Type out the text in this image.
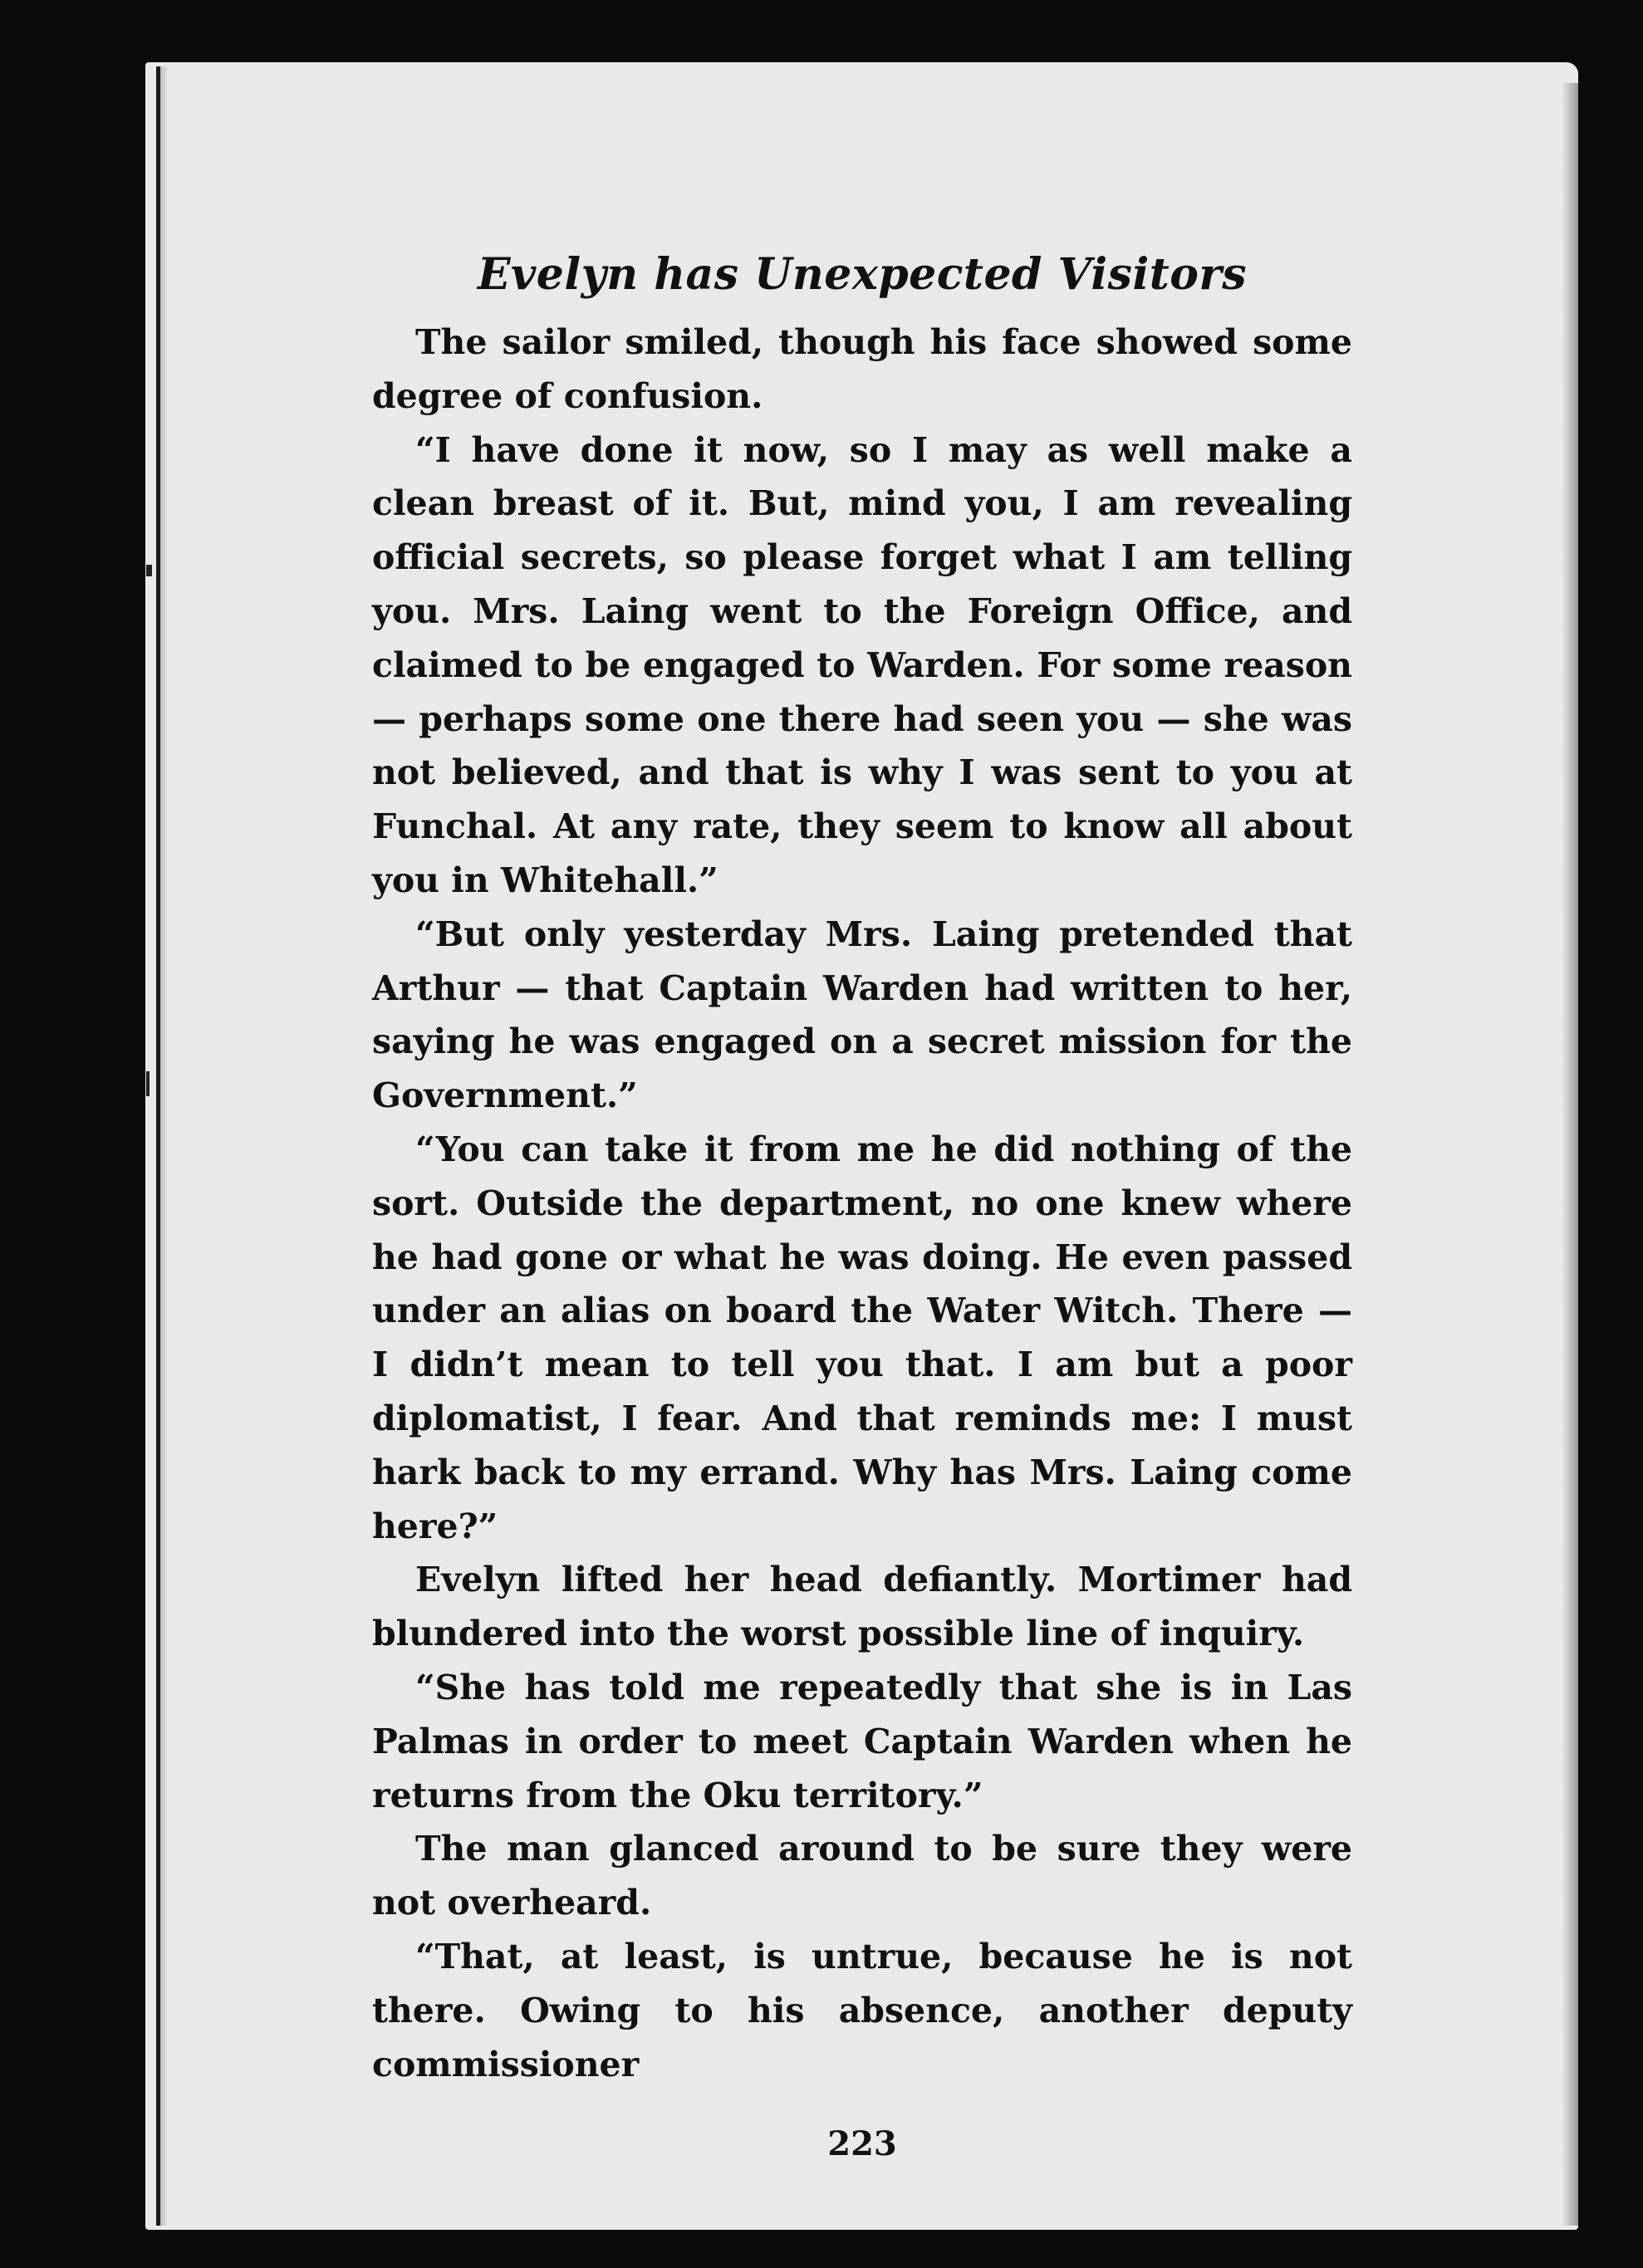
Evelyn has Unexpected Visitors

The sailor smiled, though his face showed some degree of confusion.

“I have done it now, so I may as well make a clean breast of it. But, mind you, I am revealing official secrets, so please forget what I am telling you. Mrs. Laing went to the Foreign Office, and claimed to be engaged to Warden. For some reason — perhaps some one there had seen you — she was not believed, and that is why I was sent to you at Funchal. At any rate, they seem to know all about you in Whitehall.”

“But only yesterday Mrs. Laing pretended that Arthur — that Captain Warden had written to her, saying he was engaged on a secret mission for the Government.”

“You can take it from me he did nothing of the sort. Outside the department, no one knew where he had gone or what he was doing. He even passed under an alias on board the Water Witch. There — I didn’t mean to tell you that. I am but a poor diplomatist, I fear. And that reminds me: I must hark back to my errand. Why has Mrs. Laing come here?”

Evelyn lifted her head defiantly. Mortimer had blundered into the worst possible line of inquiry.

“She has told me repeatedly that she is in Las Palmas in order to meet Captain Warden when he returns from the Oku territory.”

The man glanced around to be sure they were not overheard.

“That, at least, is untrue, because he is not there. Owing to his absence, another deputy commissioner

223
